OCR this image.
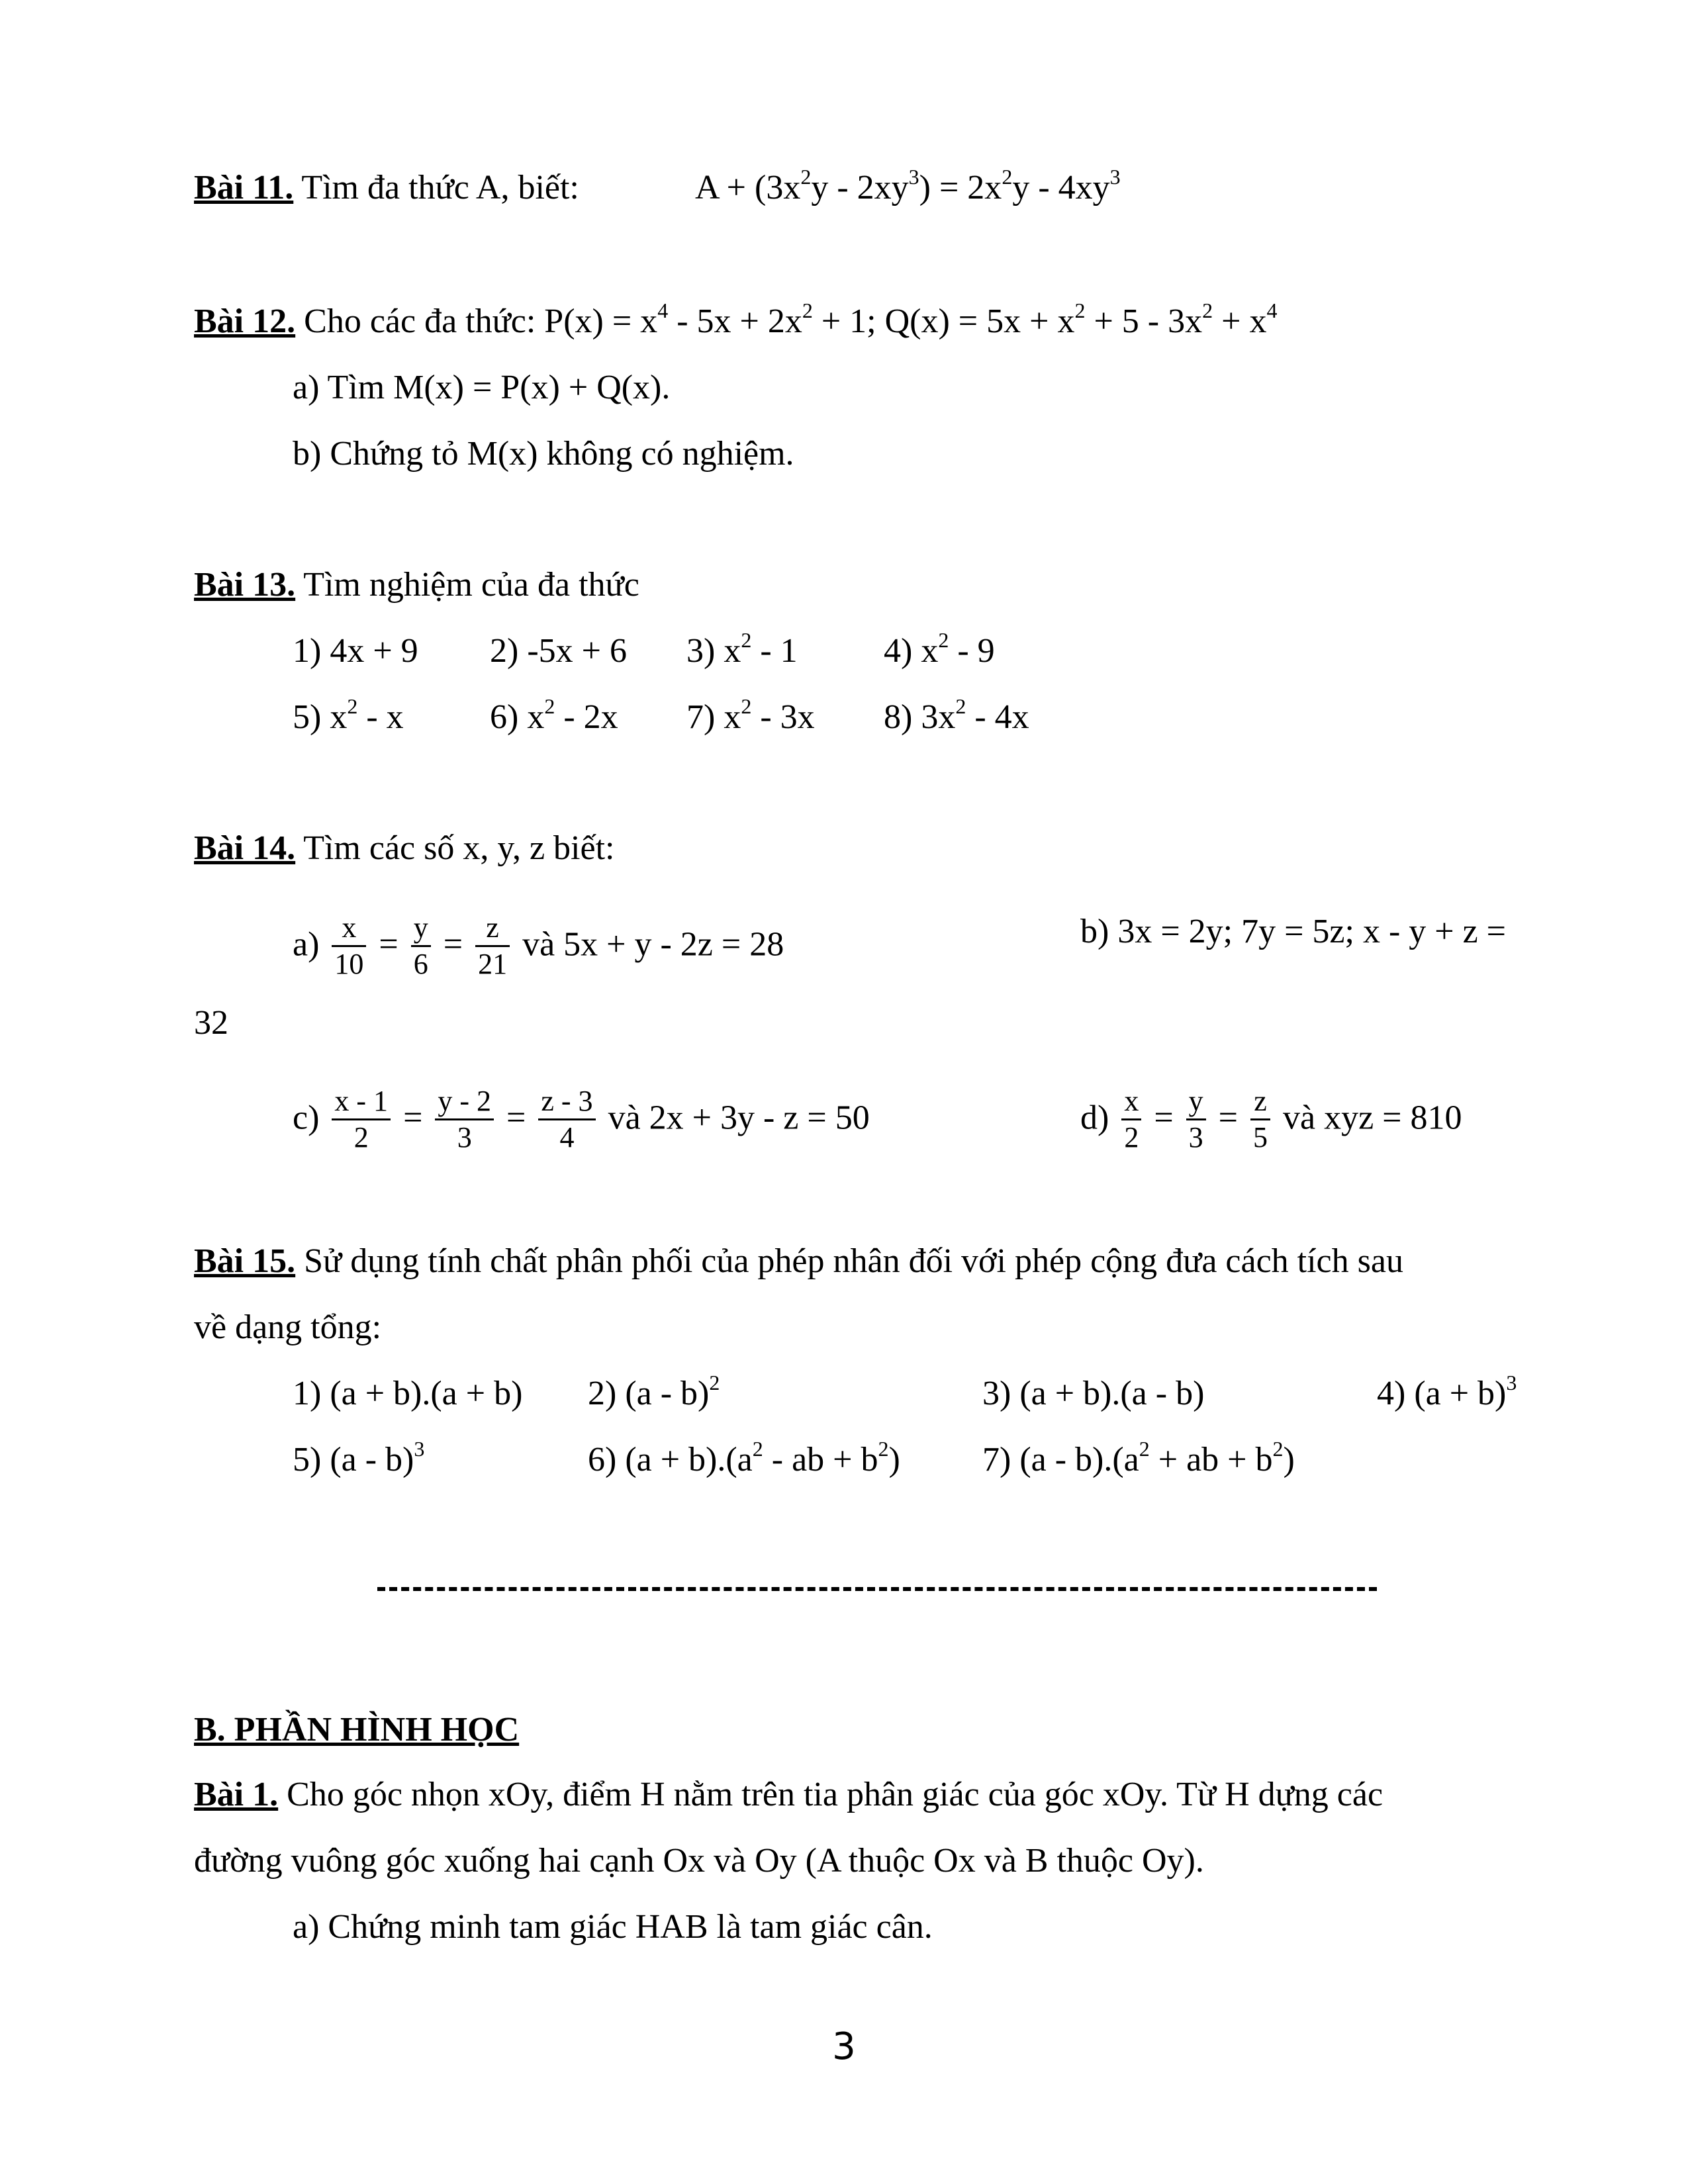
Bài 11. Tìm đa thức A, biết:	$A + (3x^2y - 2xy^3) = 2x^2y - 4xy^3$
Bài 12. Cho các đa thức: $P(x) = x^4 - 5x + 2x^2 + 1$; $Q(x) = 5x + x^2 + 5 - 3x^2 + x^4$
a) Tìm M(x) = P(x) + Q(x).
b) Chứng tỏ M(x) không có nghiệm.
Bài 13. Tìm nghiệm của đa thức
1) 4x + 9 2) -5x + 6 3) $x^2 - 1$	4) $x^2 - 9$
5) $x^2$ - x	6) $x^2 - 2x$ 7) $x^2 - 3x$ 8) $3x^2 - 4x$
Bài 14. Tìm các số x, y, z biết:
$a) \frac{x}{10} = \frac{y}{6} = \frac{z}{21}$ và 5x + y - 2z = 28	b) 3x = 2y; 7y = 5z; x - y + z =
32
$c) \frac{x - 1}{2} = \frac{y - 2}{3} = \frac{z - 3}{4}$ và 2x + 3y - z = 50	$d) \frac{x}{2} = \frac{y}{3} = \frac{z}{5}$ và xyz = 810
Bài 15. Sử dụng tính chất phân phối của phép nhân đối với phép cộng đưa cách tích sau
về dạng tổng:
1) (a + b).(a + b) 2) (a - b)$^2$	3) (a + b).(a - b)	4) $(a + b)^3$
5) (a - b)$^3$	6) $(a + b).(a^2$ - ab + $b^2$) 7) $(a - b).(a^2$ + ab + $b^2$)
B. PHẦN HÌNH HỌC
Bài 1. Cho góc nhọn xOy, điểm H nằm trên tia phân giác của góc xOy. Từ H dựng các
đường vuông góc xuống hai cạnh Ox và Oy (A thuộc Ox và B thuộc Oy).
a) Chứng minh tam giác HAB là tam giác cân.
3
